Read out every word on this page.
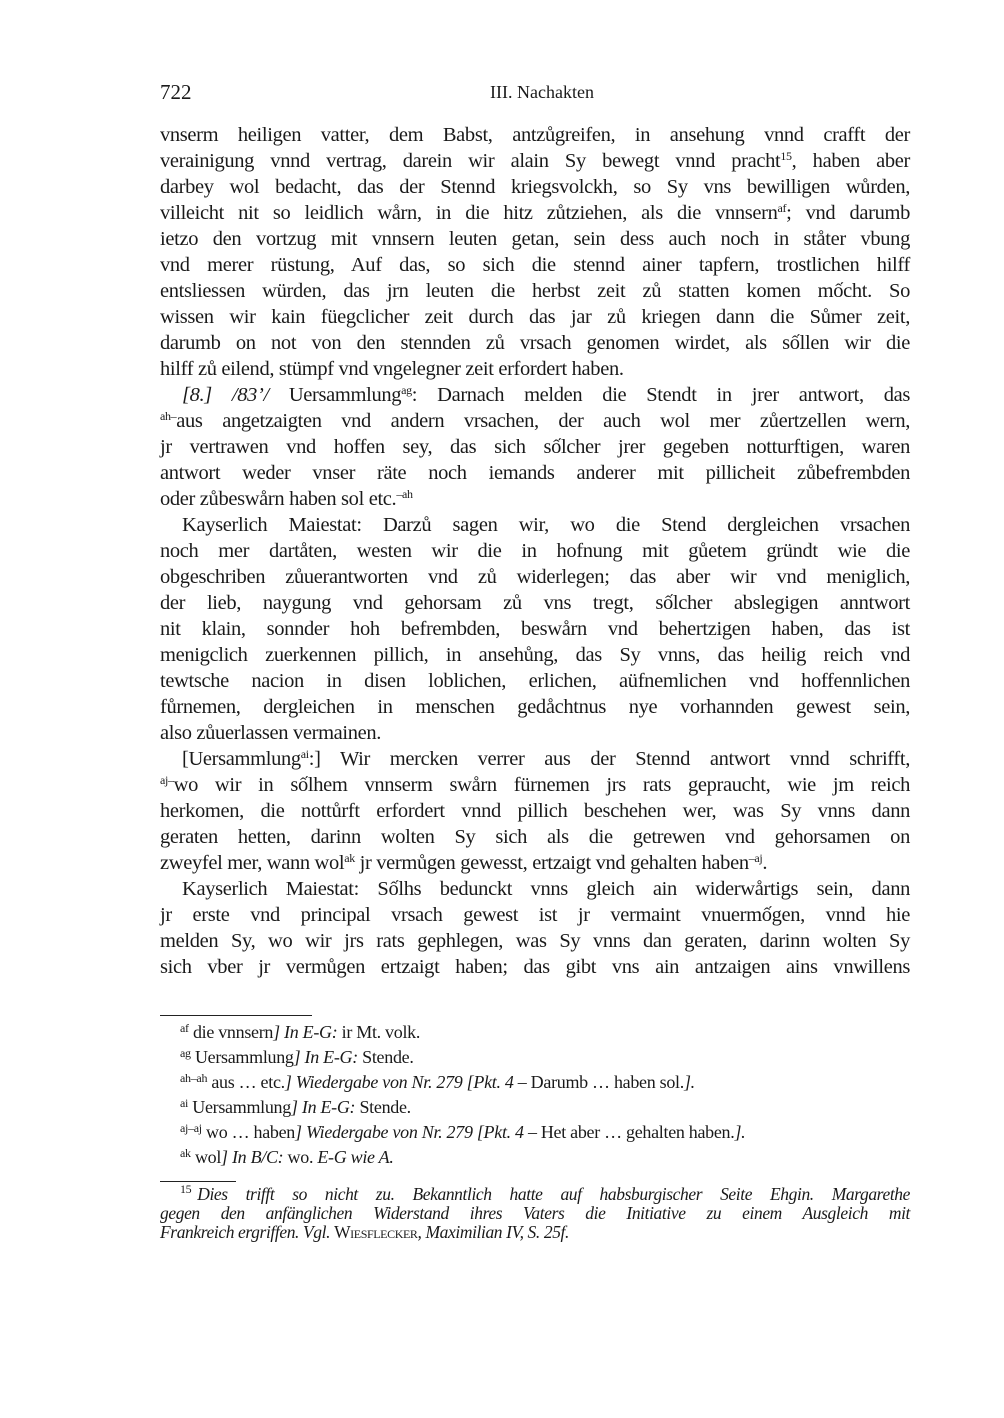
722	III. Nachakten
vnserm heiligen vatter, dem Babst, antzůgreifen, in ansehung vnnd crafft der
verainigung vnnd vertrag, darein wir alain Sy bewegt vnnd pracht$^{15}$, haben aber
darbey wol bedacht, das der Stennd kriegsvolckh, so Sy vns bewilligen wůrden,
villeicht nit so leidlich wårn, in die hitz zůtziehen, als die vnnsern$^{af}$; vnd darumb
ietzo den vortzug mit vnnsern leuten getan, sein dess auch noch in ståter vbung
vnd merer rüstung, Auf das, so sich die stennd ainer tapfern, trostlichen hilff
entsliessen würden, das jrn leuten die herbst zeit zů statten komen mốcht. So
wissen wir kain füegclicher zeit durch das jar zů kriegen dann die Sůmer zeit,
darumb on not von den stennden zů vrsach genomen wirdet, als sốllen wir die
hilff zů eilend, stümpf vnd vngelegner zeit erfordert haben.
[8.] /83’/ Uersammlung$^{ag}$: Darnach melden die Stendt in jrer antwort, das
$^{ah-}$aus angetzaigten vnd andern vrsachen, der auch wol mer zůertzellen wern,
jr vertrawen vnd hoffen sey, das sich sốlcher jrer gegeben notturftigen, waren
antwort weder vnser räte noch iemands anderer mit pillicheit zůbefrembden
oder zůbeswårn haben sol etc.$^{-ah}$
Kayserlich Maiestat: Darzů sagen wir, wo die Stend dergleichen vrsachen
noch mer dartåten, westen wir die in hofnung mit gůetem gründt wie die
obgeschriben zůuerantworten vnd zů widerlegen; das aber wir vnd meniglich,
der lieb, naygung vnd gehorsam zů vns tregt, sốlcher abslegigen anntwort
nit klain, sonnder hoh befrembden, beswårn vnd behertzigen haben, das ist
menigclich zuerkennen pillich, in ansehůng, das Sy vnns, das heilig reich vnd
tewtsche nacion in disen loblichen, erlichen, aüfnemlichen vnd hoffennlichen
fůrnemen, dergleichen in menschen gedåchtnus nye vorhannden gewest sein,
also zůuerlassen vermainen.
[Uersammlung$^{ai}$:] Wir mercken verrer aus der Stennd antwort vnnd schrifft,
$^{aj-}$wo wir in sốlhem vnnserm swårn fürnemen jrs rats gepraucht, wie jm reich
herkomen, die nottůrft erfordert vnnd pillich beschehen wer, was Sy vnns dann
geraten hetten, darinn wolten Sy sich als die getrewen vnd gehorsamen on
zweyfel mer, wann wol$^{ak}$ jr vermůgen gewesst, ertzaigt vnd gehalten haben$^{-aj}$.
Kayserlich Maiestat: Sốlhs bedunckt vnns gleich ain widerwårtigs sein, dann
jr erste vnd principal vrsach gewest ist jr vermaint vnuermốgen, vnnd hie
melden Sy, wo wir jrs rats gephlegen, was Sy vnns dan geraten, darinn wolten Sy
sich vber jr vermůgen ertzaigt haben; das gibt vns ain antzaigen ains vnwillens
$^{af}$ die vnnsern] In E-G: ir Mt. volk.
$^{ag}$ Uersammlung] In E-G: Stende.
$^{ah-ah}$ aus … etc.] Wiedergabe von Nr. 279 [Pkt. 4 – Darumb … haben sol.].
$^{ai}$ Uersammlung] In E-G: Stende.
$^{aj-aj}$ wo … haben] Wiedergabe von Nr. 279 [Pkt. 4 – Het aber … gehalten haben.].
$^{ak}$ wol] In B/C: wo. E-G wie A.
$^{15}$ Dies trifft so nicht zu. Bekanntlich hatte auf habsburgischer Seite Ehgin. Margarethe
gegen den anfänglichen Widerstand ihres Vaters die Initiative zu einem Ausgleich mit
Frankreich ergriffen. Vgl. Wiesflecker, Maximilian IV, S. 25f.
